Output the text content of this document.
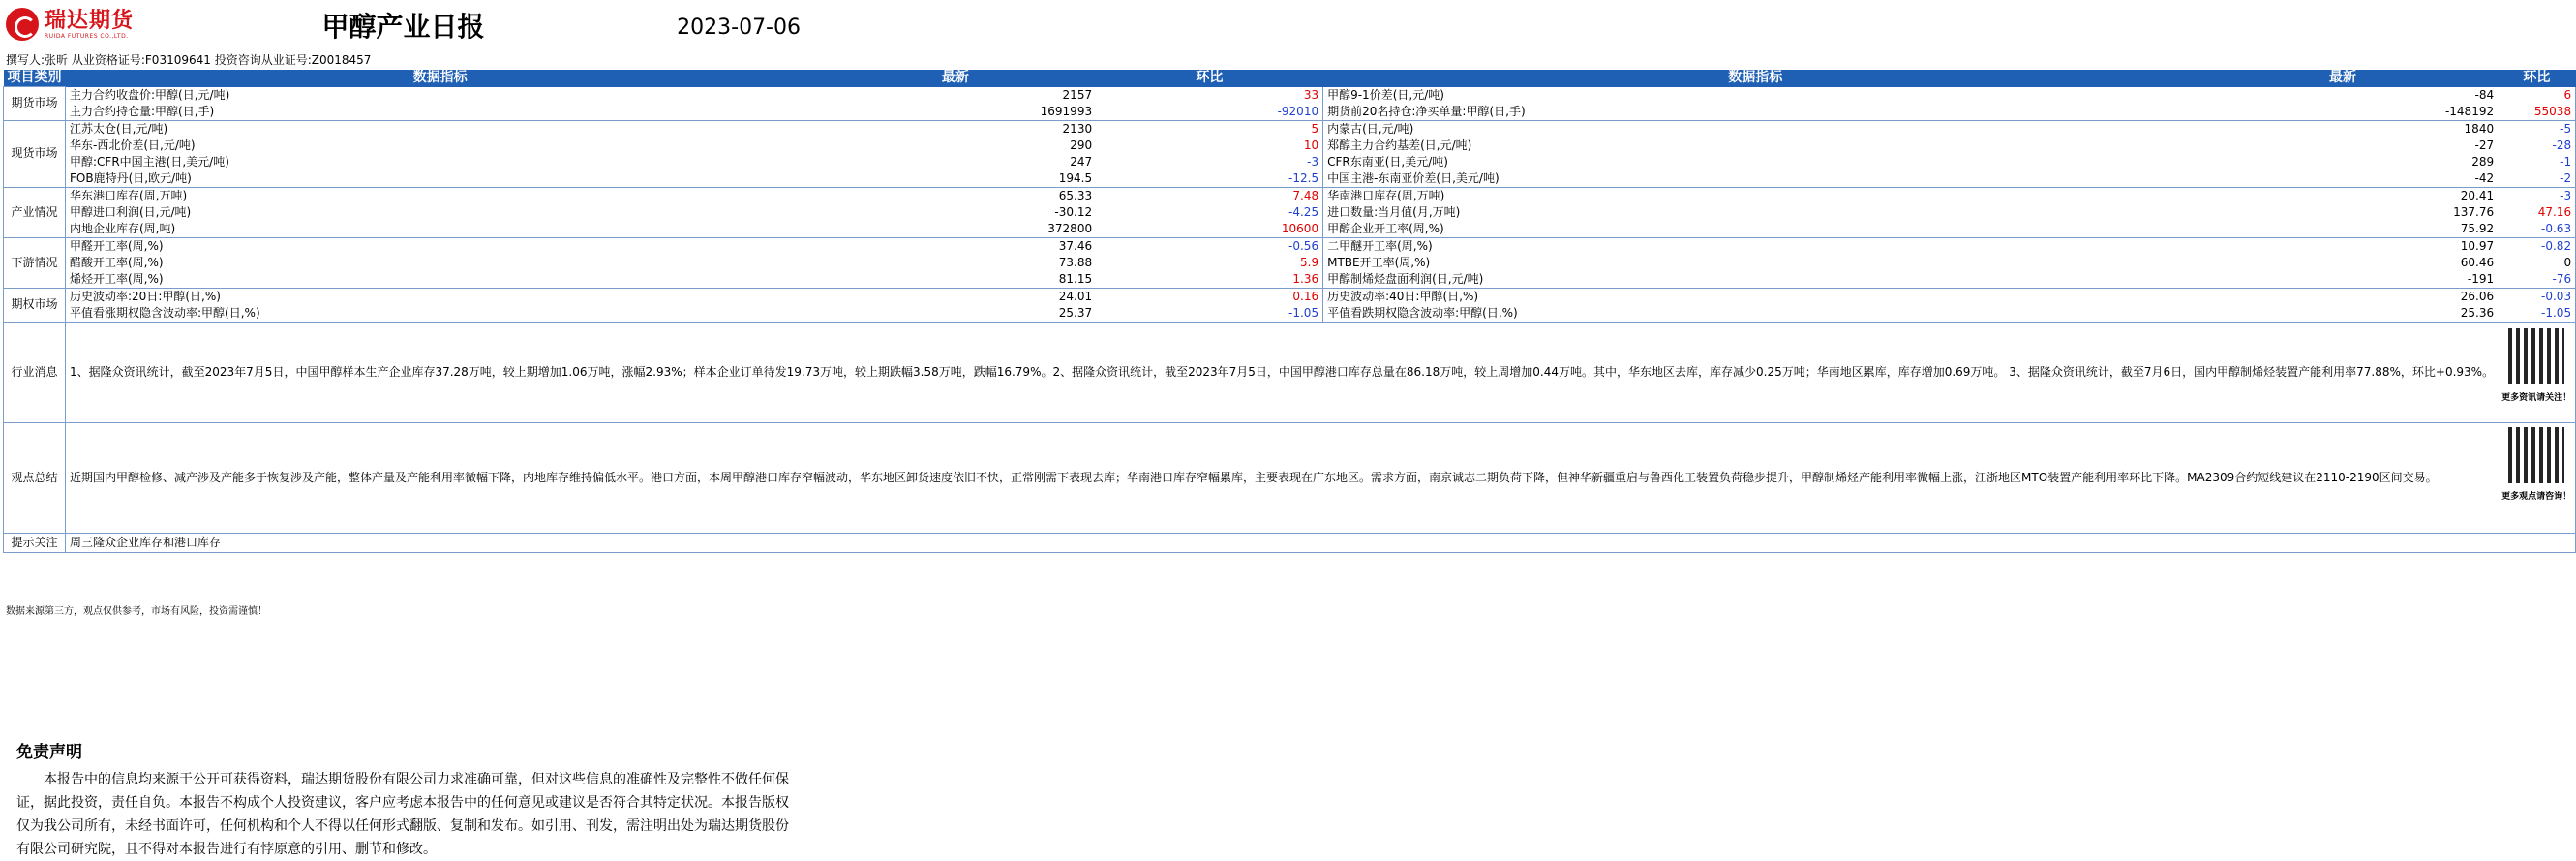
瑞达期货
RUIDA FUTURES CO.,LTD.	甲醇产业日报	2023-07-06
撰写人:张昕 从业资格证号:F03109641 投资咨询从业证号:Z0018457
项目类别	数据指标	最新	环比	数据指标	最新	环比
期货市场	主力合约收盘价:甲醇(日,元/吨)	2157	33	甲醇9-1价差(日,元/吨)	-84	6
	主力合约持仓量:甲醇(日,手)	1691993	-92010	期货前20名持仓:净买单量:甲醇(日,手)	-148192	55038
现货市场	江苏太仓(日,元/吨)	2130	5	内蒙古(日,元/吨)	1840	-5
	华东-西北价差(日,元/吨)	290	10	郑醇主力合约基差(日,元/吨)	-27	-28
	甲醇:CFR中国主港(日,美元/吨)	247	-3	CFR东南亚(日,美元/吨)	289	-1
	FOB鹿特丹(日,欧元/吨)	194.5	-12.5	中国主港-东南亚价差(日,美元/吨)	-42	-2
产业情况	华东港口库存(周,万吨)	65.33	7.48	华南港口库存(周,万吨)	20.41	-3
	甲醇进口利润(日,元/吨)	-30.12	-4.25	进口数量:当月值(月,万吨)	137.76	47.16
	内地企业库存(周,吨)	372800	10600	甲醇企业开工率(周,%)	75.92	-0.63
下游情况	甲醛开工率(周,%)	37.46	-0.56	二甲醚开工率(周,%)	10.97	-0.82
	醋酸开工率(周,%)	73.88	5.9	MTBE开工率(周,%)	60.46	0
	烯烃开工率(周,%)	81.15	1.36	甲醇制烯烃盘面利润(日,元/吨)	-191	-76
期权市场	历史波动率:20日:甲醇(日,%)	24.01	0.16	历史波动率:40日:甲醇(日,%)	26.06	-0.03
	平值看涨期权隐含波动率:甲醇(日,%)	25.37	-1.05	平值看跌期权隐含波动率:甲醇(日,%)	25.36	-1.05
行业消息	1、据隆众资讯统计，截至2023年7月5日，中国甲醇样本生产企业库存37.28万吨，较上期增加1.06万吨，涨幅2.93%；样本企业订单待发19.73万吨，较上期跌幅3.58万吨，跌幅16.79%。2、据隆众资讯统计，截至2023年7月5日，中国甲醇港口库存总量在86.18万吨，较上周增加0.44万吨。其中，华东地区去库，库存减少0.25万吨；华南地区累库，库存增加0.69万吨。 3、据隆众资讯统计，截至7月6日，国内甲醇制烯烃装置产能利用率77.88%，环比+0.93%。					更多资讯请关注！

观点总结	近期国内甲醇检修、减产涉及产能多于恢复涉及产能，整体产量及产能利用率微幅下降，内地库存维持偏低水平。港口方面，本周甲醇港口库存窄幅波动，华东地区卸货速度依旧不快，正常刚需下表现去库；华南港口库存窄幅累库，主要表现在广东地区。需求方面，南京诚志二期负荷下降，但神华新疆重启与鲁西化工装置负荷稳步提升，甲醇制烯烃产能利用率微幅上涨，江浙地区MTO装置产能利用率环比下降。MA2309合约短线建议在2110-2190区间交易。					更多观点请咨询！

提示关注	周三隆众企业库存和港口库存					
数据来源第三方，观点仅供参考，市场有风险，投资需谨慎！
免责声明
本报告中的信息均来源于公开可获得资料，瑞达期货股份有限公司力求准确可靠，但对这些信息的准确性及完整性不做任何保证，据此投资，责任自负。本报告不构成个人投资建议，客户应考虑本报告中的任何意见或建议是否符合其特定状况。本报告版权仅为我公司所有，未经书面许可，任何机构和个人不得以任何形式翻版、复制和发布。如引用、刊发，需注明出处为瑞达期货股份有限公司研究院，且不得对本报告进行有悖原意的引用、删节和修改。
